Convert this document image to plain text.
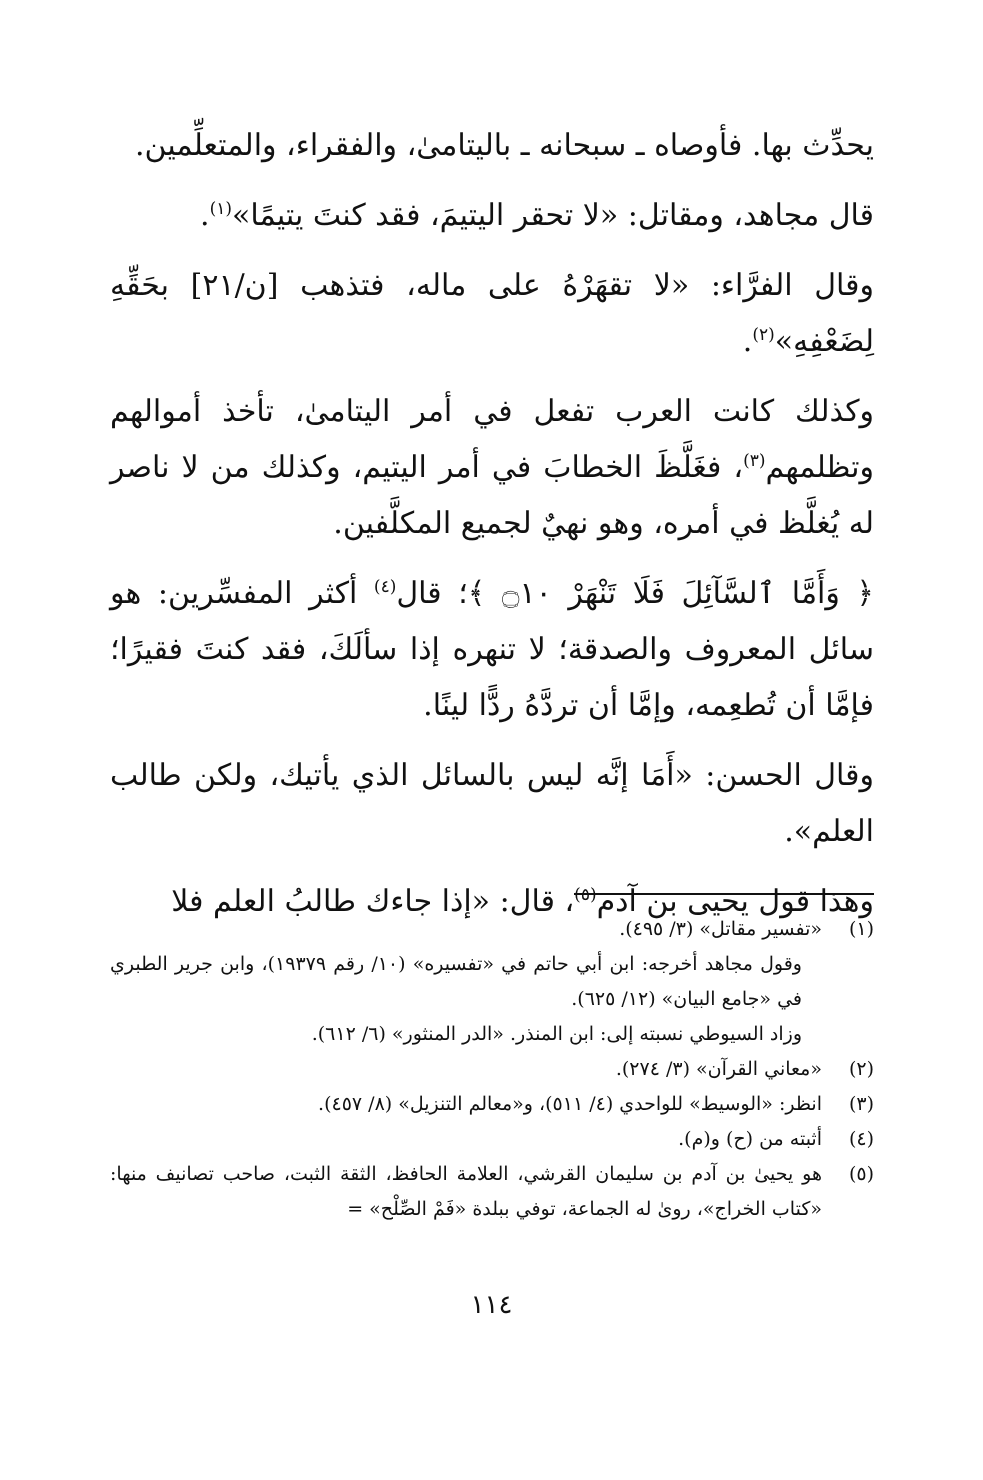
يحدِّث بها. فأوصاه ـ سبحانه ـ باليتامىٰ، والفقراء، والمتعلِّمين.

قال مجاهد، ومقاتل: «لا تحقر اليتيمَ، فقد كنتَ يتيمًا»$^{(١)}$.

وقال الفرَّاء: «لا تقهَرْهُ على ماله، فتذهب [ن/٢١] بحَقِّهِ لِضَعْفِهِ»$^{(٢)}$.

وكذلك كانت العرب تفعل في أمر اليتامىٰ، تأخذ أموالهم وتظلمهم$^{(٣)}$، فغَلَّظَ الخطابَ في أمر اليتيم، وكذلك من لا ناصر له يُغلَّظ في أمره، وهو نهيٌ لجميع المكلَّفين.

﴿ وَأَمَّا ٱلسَّآئِلَ فَلَا تَنْهَرْ ۝١٠ ﴾؛ قال$^{(٤)}$ أكثر المفسِّرين: هو سائل المعروف والصدقة؛ لا تنهره إذا سألَكَ، فقد كنتَ فقيرًا؛ فإمَّا أن تُطعِمه، وإمَّا أن تردَّهُ ردًّا لينًا.

وقال الحسن: «أَمَا إنَّه ليس بالسائل الذي يأتيك، ولكن طالب العلم».

وهذا قول يحيى بن آدم$^{(٥)}$، قال: «إذا جاءك طالبُ العلم فلا

(١)
«تفسير مقاتل» (٣/ ٤٩٥).
وقول مجاهد أخرجه: ابن أبي حاتم في «تفسيره» (١٠/ رقم ١٩٣٧٩)، وابن جرير الطبري في «جامع البيان» (١٢/ ٦٢٥).
وزاد السيوطي نسبته إلى: ابن المنذر. «الدر المنثور» (٦/ ٦١٢).
(٢)
«معاني القرآن» (٣/ ٢٧٤).
(٣)
انظر: «الوسيط» للواحدي (٤/ ٥١١)، و«معالم التنزيل» (٨/ ٤٥٧).
(٤)
أثبته من (ح) و(م).
(٥)
هو يحيىٰ بن آدم بن سليمان القرشي، العلامة الحافظ، الثقة الثبت، صاحب تصانيف منها: «كتاب الخراج»، روىٰ له الجماعة، توفي ببلدة «فَمْ الصِّلْح» =
١١٤
